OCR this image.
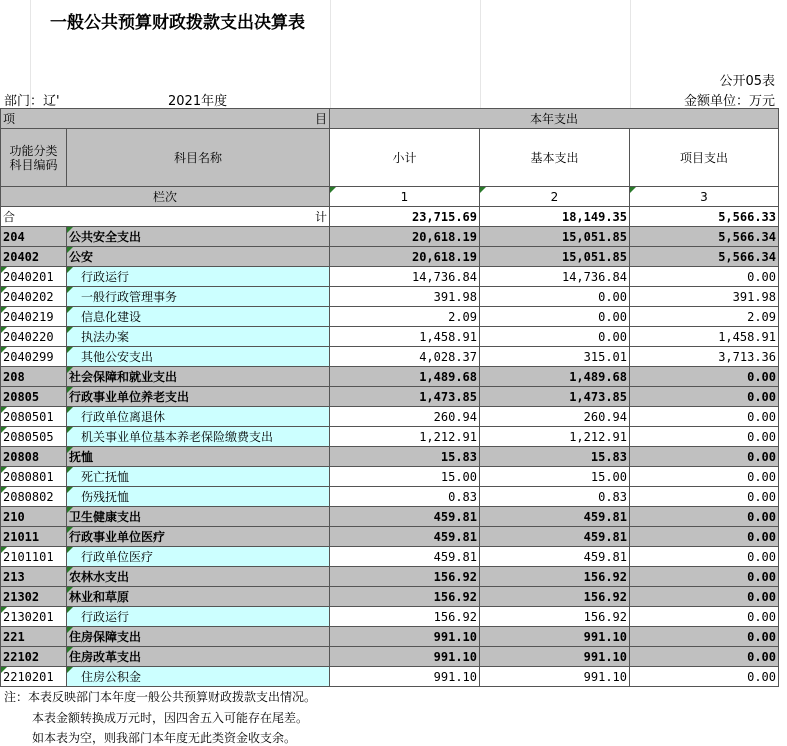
一般公共预算财政拨款支出决算表
公开05表
部门：辽'	2021年度	金额单位：万元
项 目		本年支出		
功能分类
科目编码	科目名称	小计	基本支出	项目支出
栏次		1	2	3

合 计		23,715.69	18,149.35	5,566.33
204	公共安全支出	20,618.19	15,051.85	5,566.34
20402	公安	20,618.19	15,051.85	5,566.34
2040201	行政运行	14,736.84	14,736.84	0.00
2040202	一般行政管理事务	391.98	0.00	391.98
2040219	信息化建设	2.09	0.00	2.09
2040220	执法办案	1,458.91	0.00	1,458.91
2040299	其他公安支出	4,028.37	315.01	3,713.36
208	社会保障和就业支出	1,489.68	1,489.68	0.00
20805	行政事业单位养老支出	1,473.85	1,473.85	0.00
2080501	行政单位离退休	260.94	260.94	0.00
2080505	机关事业单位基本养老保险缴费支出	1,212.91	1,212.91	0.00
20808	抚恤	15.83	15.83	0.00
2080801	死亡抚恤	15.00	15.00	0.00
2080802	伤残抚恤	0.83	0.83	0.00
210	卫生健康支出	459.81	459.81	0.00
21011	行政事业单位医疗	459.81	459.81	0.00
2101101	行政单位医疗	459.81	459.81	0.00
213	农林水支出	156.92	156.92	0.00
21302	林业和草原	156.92	156.92	0.00
2130201	行政运行	156.92	156.92	0.00
221	住房保障支出	991.10	991.10	0.00
22102	住房改革支出	991.10	991.10	0.00
2210201	住房公积金	991.10	991.10	0.00
注：本表反映部门本年度一般公共预算财政拨款支出情况。
本表金额转换成万元时，因四舍五入可能存在尾差。
如本表为空，则我部门本年度无此类资金收支余。
